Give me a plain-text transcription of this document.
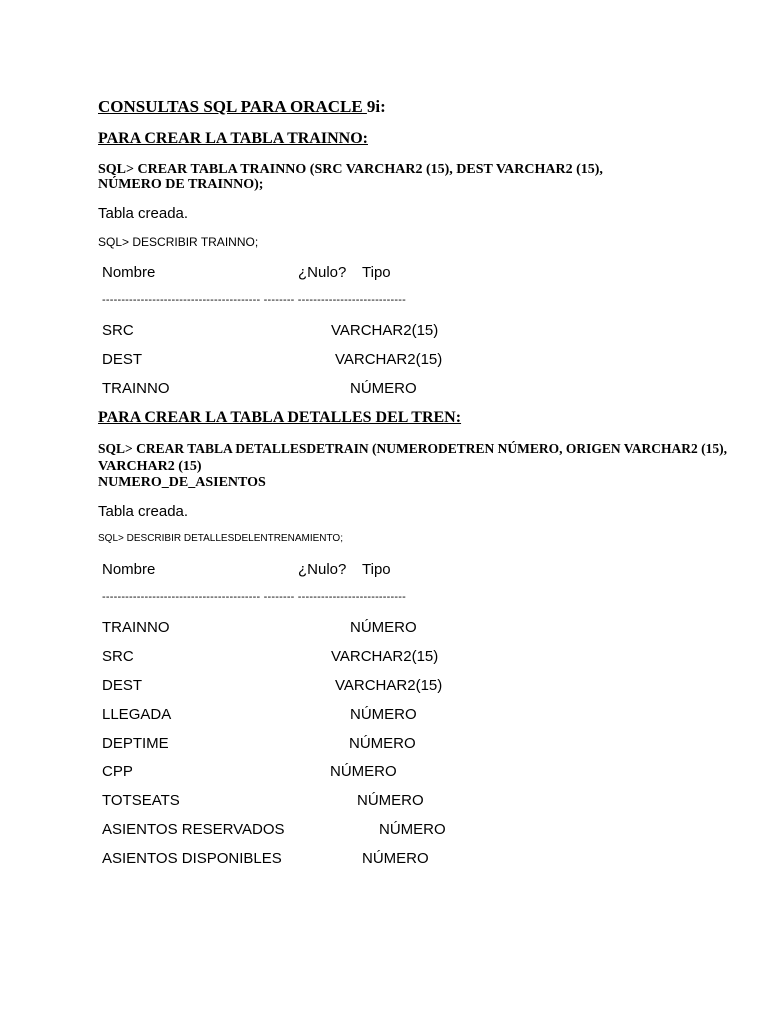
CONSULTAS SQL PARA ORACLE 9i:
PARA CREAR LA TABLA TRAINNO:
SQL> CREAR TABLA TRAINNO (SRC VARCHAR2 (15), DEST VARCHAR2 (15),
NÚMERO DE TRAINNO);
Tabla creada.
SQL> DESCRIBIR TRAINNO;
Nombre	¿Nulo? Tipo
----------------------------------------- -------- ----------------------------
SRC	VARCHAR2(15)
DEST	VARCHAR2(15)
TRAINNO	NÚMERO
PARA CREAR LA TABLA DETALLES DEL TREN:
SQL> CREAR TABLA DETALLESDETRAIN (NUMERODETREN NÚMERO, ORIGEN VARCHAR2 (15),
VARCHAR2 (15)
NUMERO_DE_ASIENTOS
Tabla creada.
SQL> DESCRIBIR DETALLESDELENTRENAMIENTO;
Nombre	¿Nulo? Tipo
----------------------------------------- -------- ----------------------------
TRAINNO	NÚMERO
SRC	VARCHAR2(15)
DEST	VARCHAR2(15)
LLEGADA	NÚMERO
DEPTIME	NÚMERO
CPP	NÚMERO
TOTSEATS	NÚMERO
ASIENTOS RESERVADOS	NÚMERO
ASIENTOS DISPONIBLES	NÚMERO
